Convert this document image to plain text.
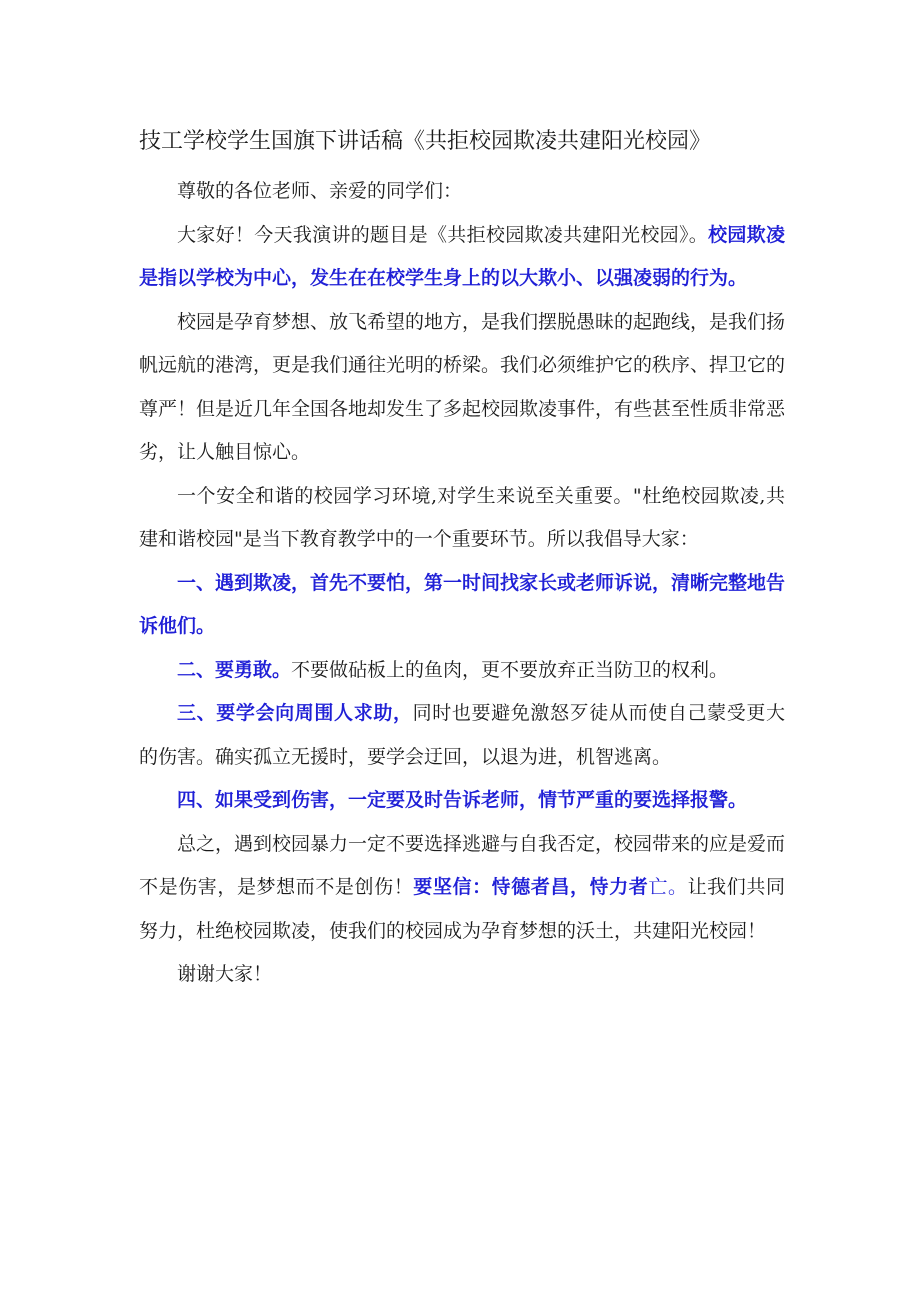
技工学校学生国旗下讲话稿《共拒校园欺凌共建阳光校园》

尊敬的各位老师、亲爱的同学们：

大家好！今天我演讲的题目是《共拒校园欺凌共建阳光校园》。校园欺凌是指以学校为中心，发生在在校学生身上的以大欺小、以强凌弱的行为。

校园是孕育梦想、放飞希望的地方，是我们摆脱愚昧的起跑线，是我们扬帆远航的港湾，更是我们通往光明的桥梁。我们必须维护它的秩序、捍卫它的尊严！但是近几年全国各地却发生了多起校园欺凌事件，有些甚至性质非常恶劣，让人触目惊心。

一个安全和谐的校园学习环境,对学生来说至关重要。"杜绝校园欺凌,共建和谐校园"是当下教育教学中的一个重要环节。所以我倡导大家：

一、遇到欺凌，首先不要怕，第一时间找家长或老师诉说，清晰完整地告诉他们。

二、要勇敢。不要做砧板上的鱼肉，更不要放弃正当防卫的权利。

三、要学会向周围人求助，同时也要避免激怒歹徒从而使自己蒙受更大的伤害。确实孤立无援时，要学会迂回，以退为进，机智逃离。

四、如果受到伤害，一定要及时告诉老师，情节严重的要选择报警。

总之，遇到校园暴力一定不要选择逃避与自我否定，校园带来的应是爱而不是伤害，是梦想而不是创伤！要坚信：恃德者昌，恃力者亡。让我们共同努力，杜绝校园欺凌，使我们的校园成为孕育梦想的沃土，共建阳光校园！

谢谢大家！
